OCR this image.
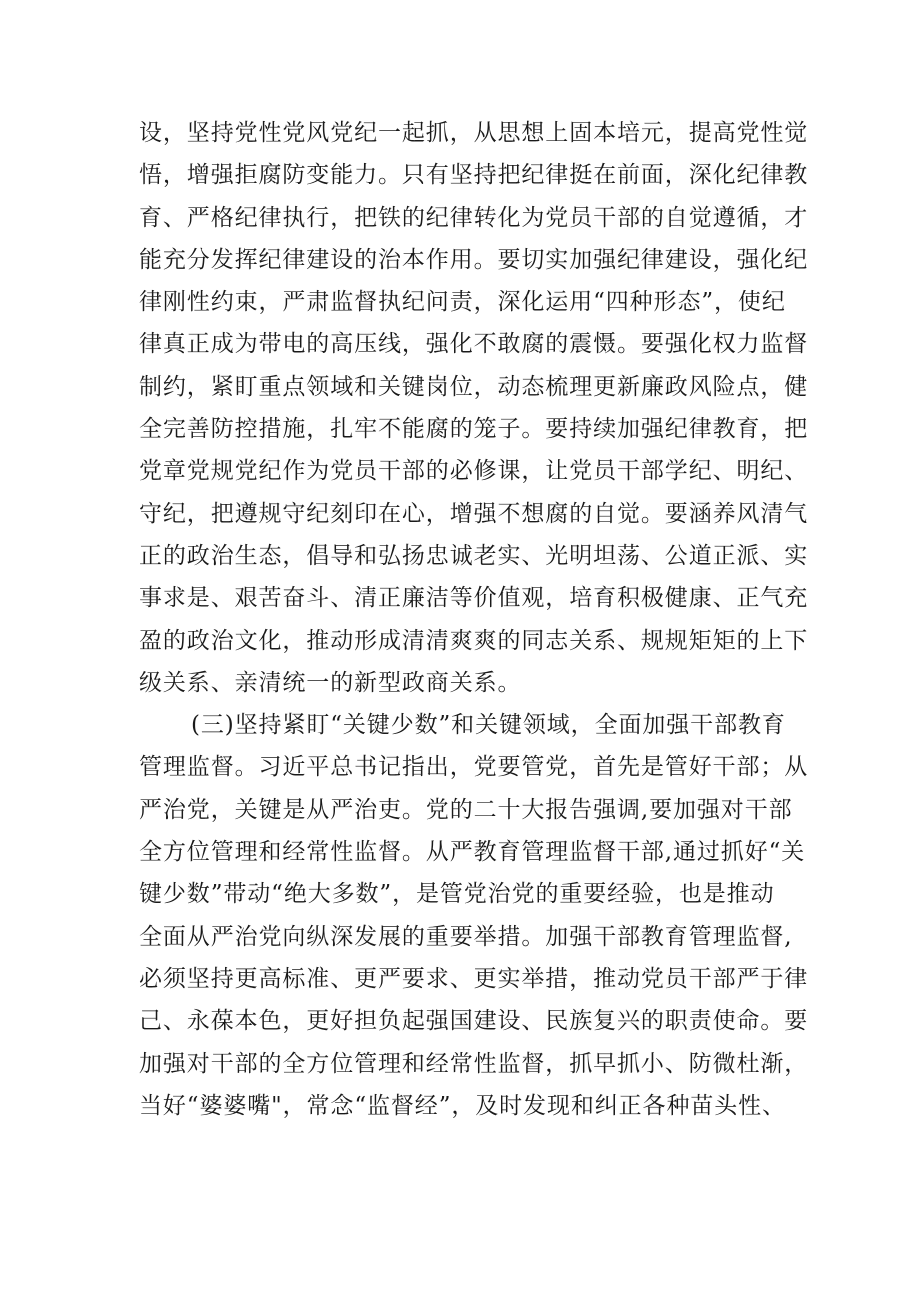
设，坚持党性党风党纪一起抓，从思想上固本培元，提高党性觉
悟，增强拒腐防变能力。只有坚持把纪律挺在前面，深化纪律教
育、严格纪律执行，把铁的纪律转化为党员干部的自觉遵循，才
能充分发挥纪律建设的治本作用。要切实加强纪律建设，强化纪
律刚性约束，严肃监督执纪问责，深化运用“四种形态”，使纪
律真正成为带电的高压线，强化不敢腐的震慑。要强化权力监督
制约，紧盯重点领域和关键岗位，动态梳理更新廉政风险点，健
全完善防控措施，扎牢不能腐的笼子。要持续加强纪律教育，把
党章党规党纪作为党员干部的必修课，让党员干部学纪、明纪、
守纪，把遵规守纪刻印在心，增强不想腐的自觉。要涵养风清气
正的政治生态，倡导和弘扬忠诚老实、光明坦荡、公道正派、实
事求是、艰苦奋斗、清正廉洁等价值观，培育积极健康、正气充
盈的政治文化，推动形成清清爽爽的同志关系、规规矩矩的上下
级关系、亲清统一的新型政商关系。
(三)坚持紧盯“关键少数”和关键领域，全面加强干部教育
管理监督。习近平总书记指出，党要管党，首先是管好干部；从
严治党，关键是从严治吏。党的二十大报告强调,要加强对干部
全方位管理和经常性监督。从严教育管理监督干部,通过抓好“关
键少数”带动“绝大多数”，是管党治党的重要经验，也是推动
全面从严治党向纵深发展的重要举措。加强干部教育管理监督,
必须坚持更高标准、更严要求、更实举措，推动党员干部严于律
己、永葆本色，更好担负起强国建设、民族复兴的职责使命。要
加强对干部的全方位管理和经常性监督，抓早抓小、防微杜渐，
当好“婆婆嘴"，常念“监督经”，及时发现和纠正各种苗头性、
